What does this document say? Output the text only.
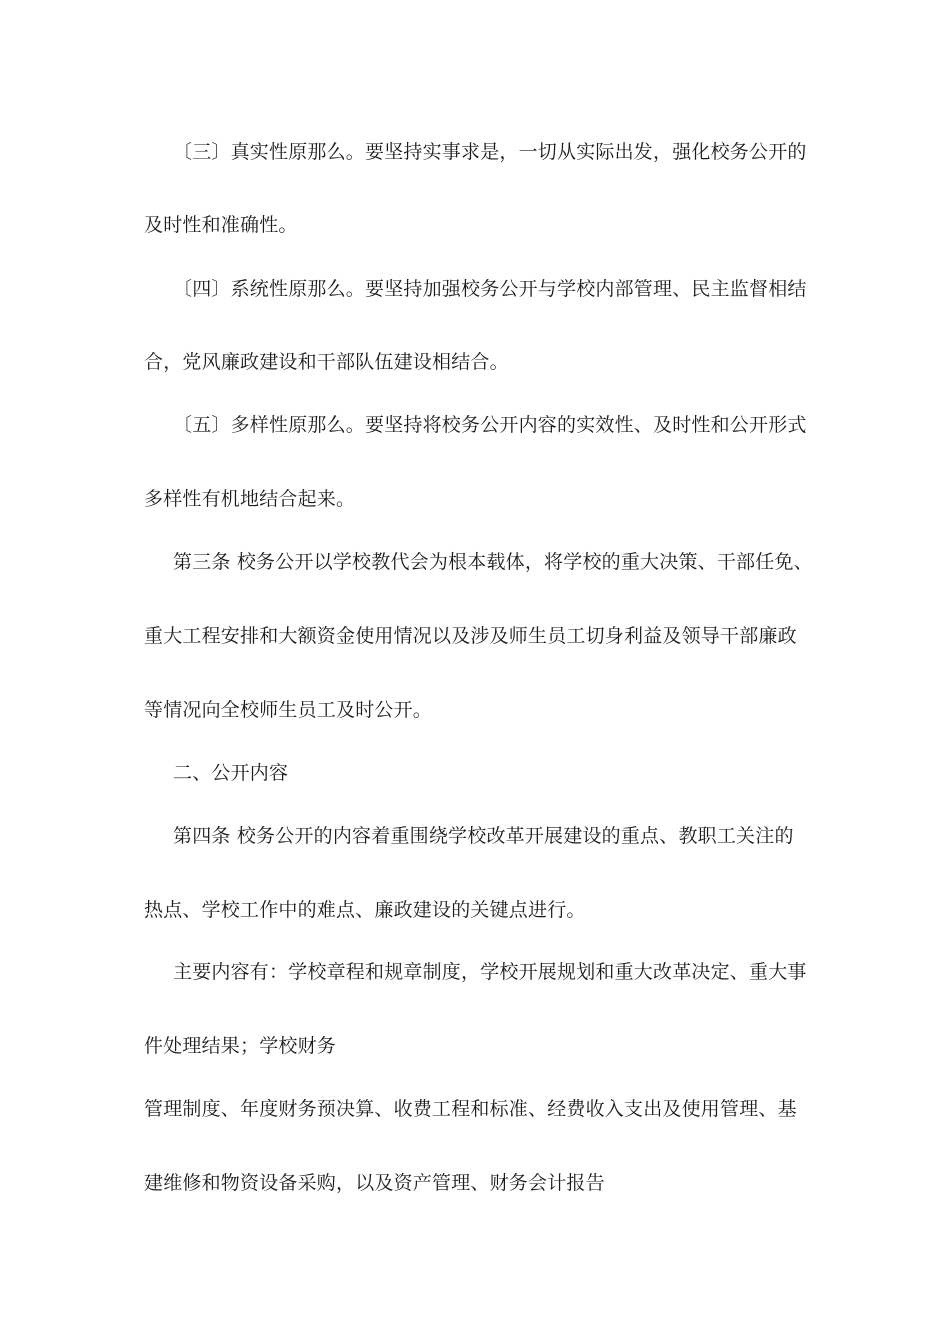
〔三〕真实性原那么。要坚持实事求是，一切从实际出发，强化校务公开的
及时性和准确性。
〔四〕系统性原那么。要坚持加强校务公开与学校内部管理、民主监督相结
合，党风廉政建设和干部队伍建设相结合。
〔五〕多样性原那么。要坚持将校务公开内容的实效性、及时性和公开形式
多样性有机地结合起来。
第三条 校务公开以学校教代会为根本载体，将学校的重大决策、干部任免、
重大工程安排和大额资金使用情况以及涉及师生员工切身利益及领导干部廉政
等情况向全校师生员工及时公开。
二、公开内容
第四条 校务公开的内容着重围绕学校改革开展建设的重点、教职工关注的
热点、学校工作中的难点、廉政建设的关键点进行。
主要内容有：学校章程和规章制度，学校开展规划和重大改革决定、重大事
件处理结果；学校财务
管理制度、年度财务预决算、收费工程和标准、经费收入支出及使用管理、基
建维修和物资设备采购，以及资产管理、财务会计报告
